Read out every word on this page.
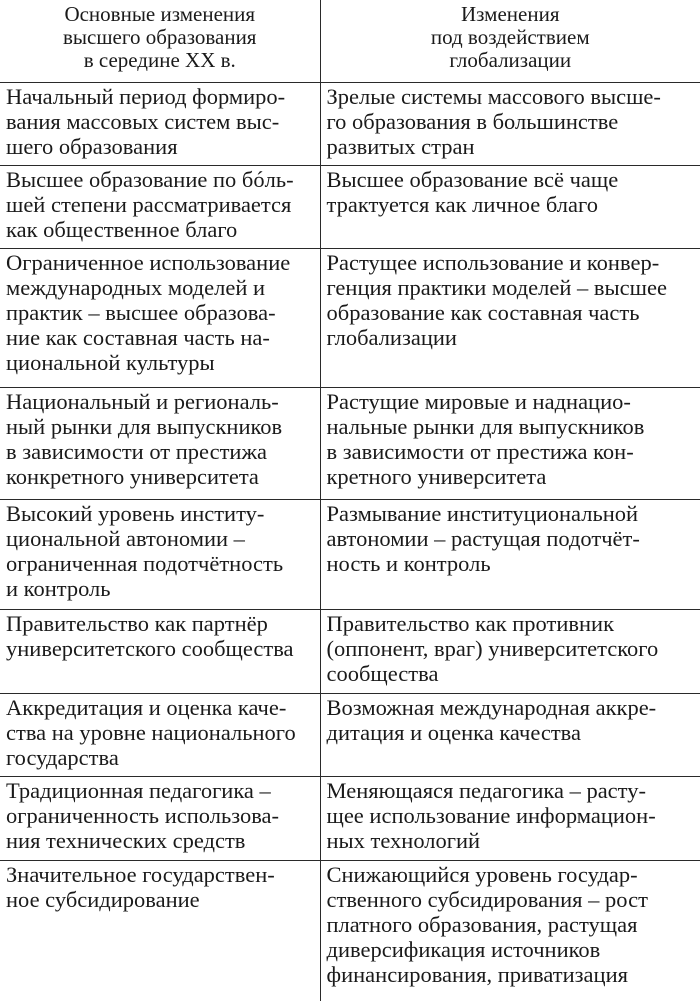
Основные изменения
высшего образования
в середине XX в.	Изменения
под воздействием
глобализации

Начальный период формиро-
вания массовых систем выс-
шего образования	Зрелые системы массового высше-
го образования в большинстве
развитых стран

Высшее образование по бóль-
шей степени рассматривается
как общественное благо	Высшее образование всё чаще
трактуется как личное благо

Ограниченное использование
международных моделей и
практик – высшее образова-
ние как составная часть на-
циональной культуры	Растущее использование и конвер-
генция практики моделей – высшее
образование как составная часть
глобализации

Национальный и региональ-
ный рынки для выпускников
в зависимости от престижа
конкретного университета	Растущие мировые и наднацио-
нальные рынки для выпускников
в зависимости от престижа кон-
кретного университета

Высокий уровень институ-
циональной автономии –
ограниченная подотчётность
и контроль	Размывание институциональной
автономии – растущая подотчёт-
ность и контроль

Правительство как партнёр
университетского сообщества	Правительство как противник
(оппонент, враг) университетского
сообщества

Аккредитация и оценка каче-
ства на уровне национального
государства	Возможная международная аккре-
дитация и оценка качества

Традиционная педагогика –
ограниченность использова-
ния технических средств	Меняющаяся педагогика – расту-
щее использование информацион-
ных технологий

Значительное государствен-
ное субсидирование	Снижающийся уровень государ-
ственного субсидирования – рост
платного образования, растущая
диверсификация источников
финансирования, приватизация
